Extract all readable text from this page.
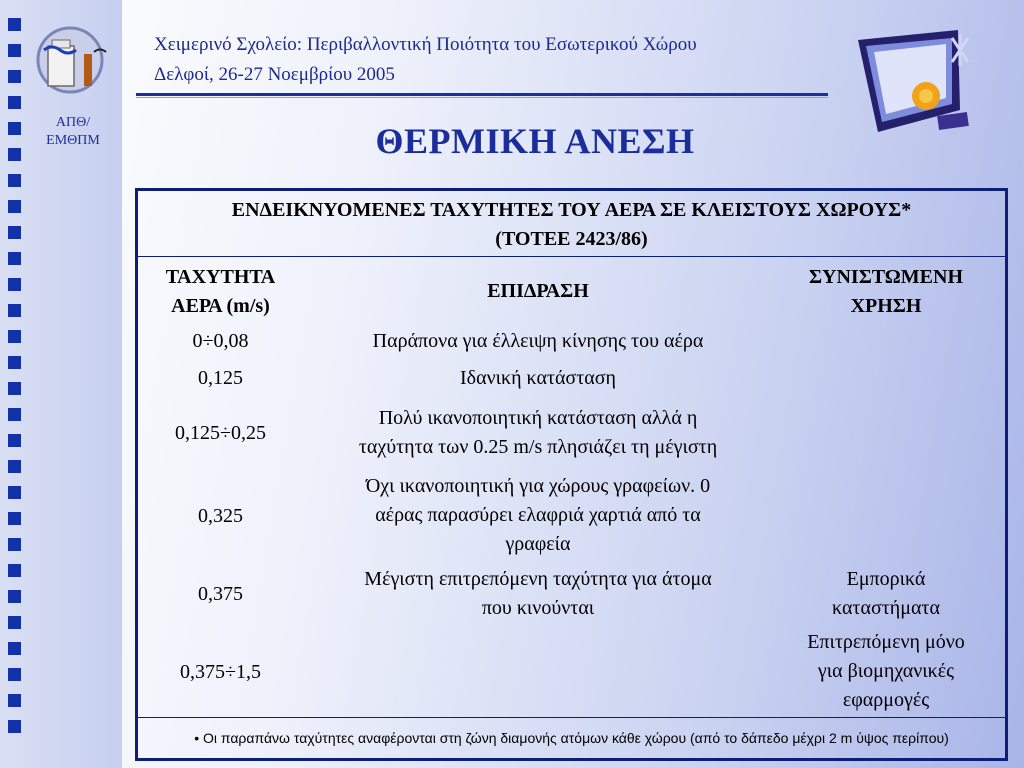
ΑΠΘ/
ΕΜΘΠΜ
Χειμερινό Σχολείο: Περιβαλλοντική Ποιότητα του Εσωτερικού Χώρου
Δελφοί, 26-27 Νοεμβρίου 2005
ΘΕΡΜΙΚΗ ΑΝΕΣΗ
ΕΝΔΕΙΚΝΥΟΜΕΝΕΣ ΤΑΧΥΤΗΤΕΣ ΤΟΥ ΑΕΡΑ ΣΕ ΚΛΕΙΣΤΟΥΣ ΧΩΡΟΥΣ*
(ΤΟΤΕΕ 2423/86)
ΤΑΧΥΤΗΤΑ
ΑΕΡΑ (m/s)
ΕΠΙΔΡΑΣΗ
ΣΥΝΙΣΤΩΜΕΝΗ
ΧΡΗΣΗ
0÷0,08	Παράπονα για έλλειψη κίνησης του αέρα
0,125	Ιδανική κατάσταση
0,125÷0,25
Πολύ ικανοποιητική κατάσταση αλλά η
ταχύτητα των 0.25 m/s πλησιάζει τη μέγιστη
0,325
Όχι ικανοποιητική για χώρους γραφείων. 0
αέρας παρασύρει ελαφριά χαρτιά από τα
γραφεία
0,375
Μέγιστη επιτρεπόμενη ταχύτητα για άτομα
που κινούνται
Εμπορικά
καταστήματα
0,375÷1,5
Επιτρεπόμενη μόνο
για βιομηχανικές
εφαρμογές
• Οι παραπάνω ταχύτητες αναφέρονται στη ζώνη διαμονής ατόμων κάθε χώρου (από το δάπεδο μέχρι 2 m ύψος περίπου)
